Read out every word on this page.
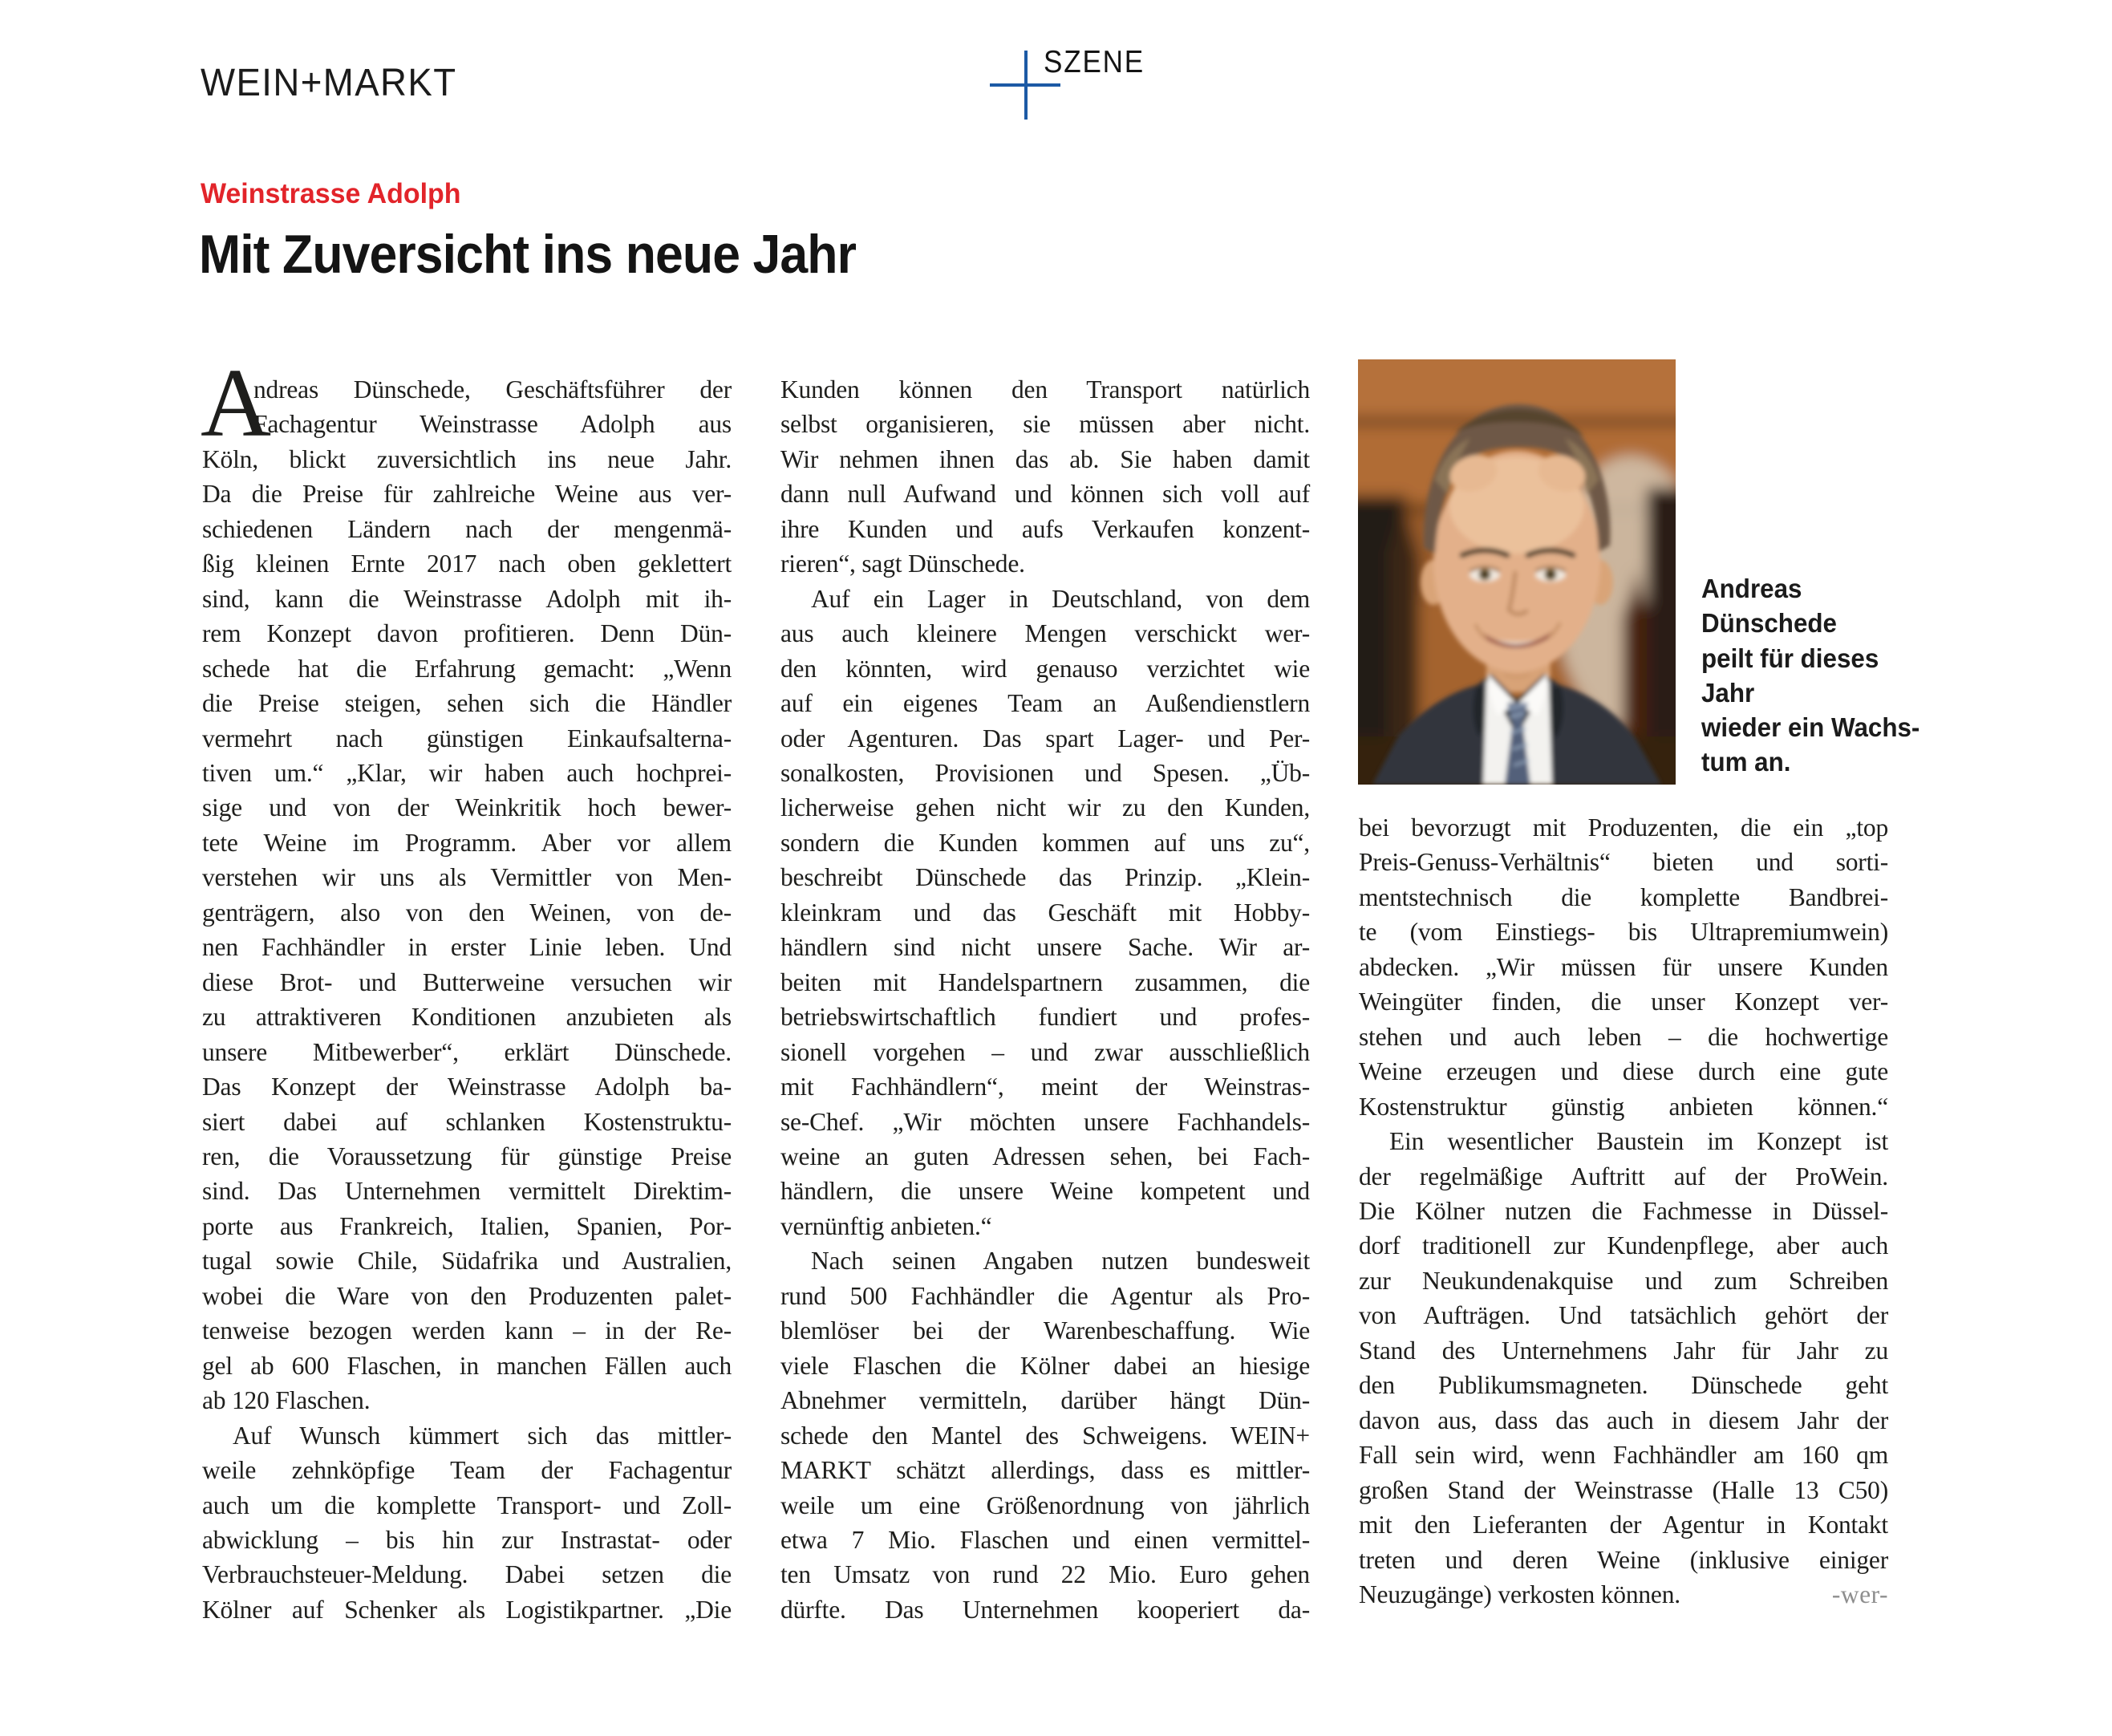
WEIN+MARKT	SZENE
Weinstrasse Adolph
Mit Zuversicht ins neue Jahr
A
ndreas Dünschede, Geschäftsführer der
Fachagentur Weinstrasse Adolph aus
Köln, blickt zuversichtlich ins neue Jahr.
Da die Preise für zahlreiche Weine aus ver-
schiedenen Ländern nach der mengenmä-
ßig kleinen Ernte 2017 nach oben geklettert
sind, kann die Weinstrasse Adolph mit ih-
rem Konzept davon profitieren. Denn Dün-
schede hat die Erfahrung gemacht: „Wenn
die Preise steigen, sehen sich die Händler
vermehrt nach günstigen Einkaufsalterna-
tiven um.“ „Klar, wir haben auch hochprei-
sige und von der Weinkritik hoch bewer-
tete Weine im Programm. Aber vor allem
verstehen wir uns als Vermittler von Men-
genträgern, also von den Weinen, von de-
nen Fachhändler in erster Linie leben. Und
diese Brot- und Butterweine versuchen wir
zu attraktiveren Konditionen anzubieten als
unsere Mitbewerber“, erklärt Dünschede.
Das Konzept der Weinstrasse Adolph ba-
siert dabei auf schlanken Kostenstruktu-
ren, die Voraussetzung für günstige Preise
sind. Das Unternehmen vermittelt Direktim-
porte aus Frankreich, Italien, Spanien, Por-
tugal sowie Chile, Südafrika und Australien,
wobei die Ware von den Produzenten palet-
tenweise bezogen werden kann – in der Re-
gel ab 600 Flaschen, in manchen Fällen auch
ab 120 Flaschen.
Auf Wunsch kümmert sich das mittler-
weile zehnköpfige Team der Fachagentur
auch um die komplette Transport- und Zoll-
abwicklung – bis hin zur Instrastat- oder
Verbrauchsteuer-Meldung. Dabei setzen die
Kölner auf Schenker als Logistikpartner. „Die
Kunden können den Transport natürlich
selbst organisieren, sie müssen aber nicht.
Wir nehmen ihnen das ab. Sie haben damit
dann null Aufwand und können sich voll auf
ihre Kunden und aufs Verkaufen konzent-
rieren“, sagt Dünschede.
Auf ein Lager in Deutschland, von dem
aus auch kleinere Mengen verschickt wer-
den könnten, wird genauso verzichtet wie
auf ein eigenes Team an Außendienstlern
oder Agenturen. Das spart Lager- und Per-
sonalkosten, Provisionen und Spesen. „Üb-
licherweise gehen nicht wir zu den Kunden,
sondern die Kunden kommen auf uns zu“,
beschreibt Dünschede das Prinzip. „Klein-
kleinkram und das Geschäft mit Hobby-
händlern sind nicht unsere Sache. Wir ar-
beiten mit Handelspartnern zusammen, die
betriebswirtschaftlich fundiert und profes-
sionell vorgehen – und zwar ausschließlich
mit Fachhändlern“, meint der Weinstras-
se-Chef. „Wir möchten unsere Fachhandels-
weine an guten Adressen sehen, bei Fach-
händlern, die unsere Weine kompetent und
vernünftig anbieten.“
Nach seinen Angaben nutzen bundesweit
rund 500 Fachhändler die Agentur als Pro-
blemlöser bei der Warenbeschaffung. Wie
viele Flaschen die Kölner dabei an hiesige
Abnehmer vermitteln, darüber hängt Dün-
schede den Mantel des Schweigens. WEIN+
MARKT schätzt allerdings, dass es mittler-
weile um eine Größenordnung von jährlich
etwa 7 Mio. Flaschen und einen vermittel-
ten Umsatz von rund 22 Mio. Euro gehen
dürfte. Das Unternehmen kooperiert da-
bei bevorzugt mit Produzenten, die ein „top
Preis-Genuss-Verhältnis“ bieten und sorti-
mentstechnisch die komplette Bandbrei-
te (vom Einstiegs- bis Ultrapremiumwein)
abdecken. „Wir müssen für unsere Kunden
Weingüter finden, die unser Konzept ver-
stehen und auch leben – die hochwertige
Weine erzeugen und diese durch eine gute
Kostenstruktur günstig anbieten können.“
Ein wesentlicher Baustein im Konzept ist
der regelmäßige Auftritt auf der ProWein.
Die Kölner nutzen die Fachmesse in Düssel-
dorf traditionell zur Kundenpflege, aber auch
zur Neukundenakquise und zum Schreiben
von Aufträgen. Und tatsächlich gehört der
Stand des Unternehmens Jahr für Jahr zu
den Publikumsmagneten. Dünschede geht
davon aus, dass das auch in diesem Jahr der
Fall sein wird, wenn Fachhändler am 160 qm
großen Stand der Weinstrasse (Halle 13 C50)
mit den Lieferanten der Agentur in Kontakt
treten und deren Weine (inklusive einiger
Neuzugänge) verkosten können.	-wer-
Andreas Dünschede
peilt für dieses Jahr
wieder ein Wachs-
tum an.
